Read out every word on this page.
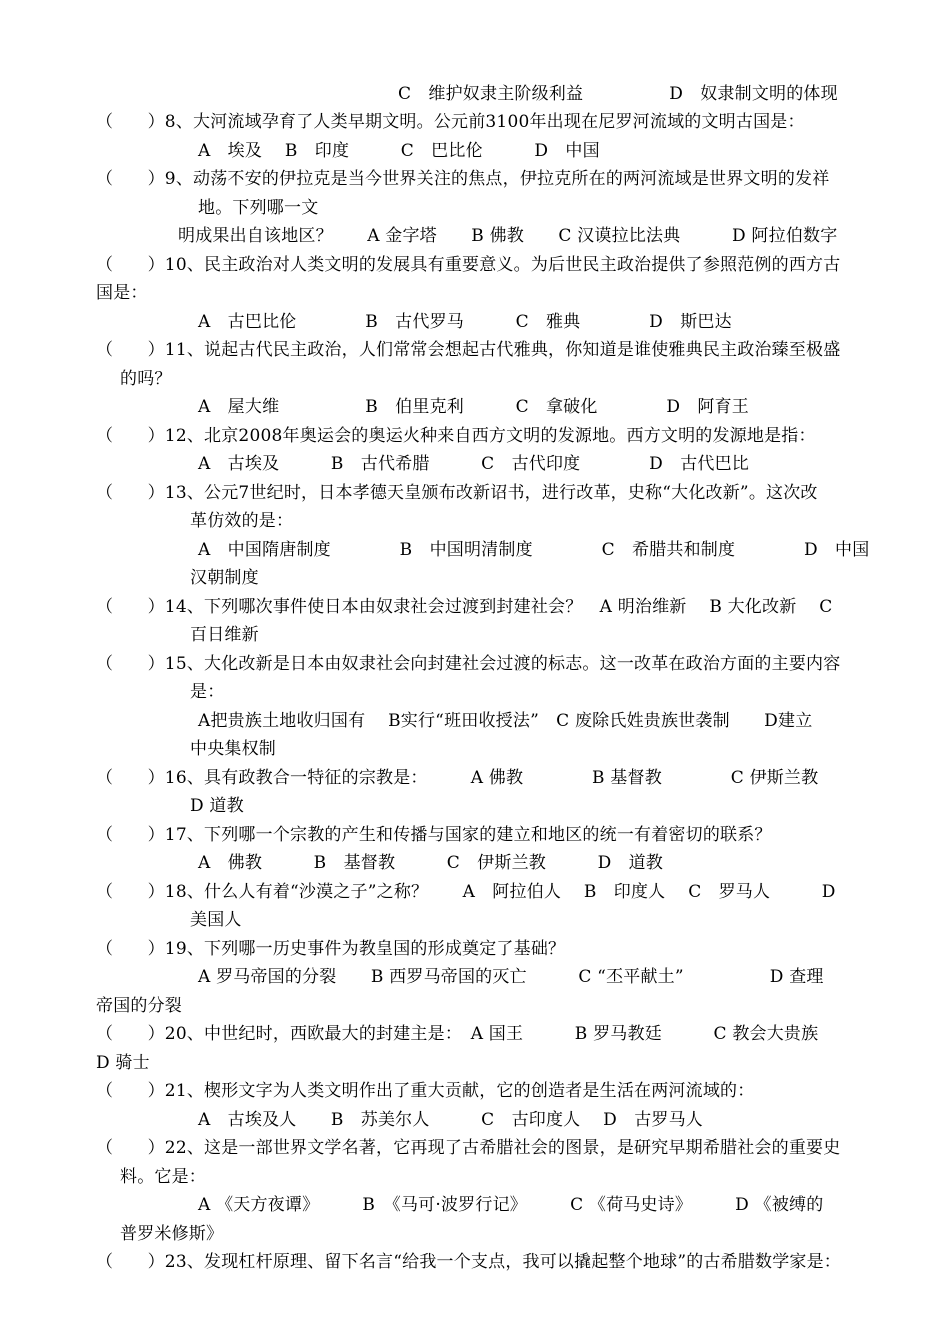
C　维护奴隶主阶级利益　　　　　D　奴隶制文明的体现
（　　）8、大河流域孕育了人类早期文明。公元前3100年出现在尼罗河流域的文明古国是：
A　埃及　 B　印度　　　C　巴比伦　　　D　中国
（　　）9、动荡不安的伊拉克是当今世界关注的焦点，伊拉克所在的两河流域是世界文明的发祥
地。下列哪一文
明成果出自该地区？　　A 金字塔　　B 佛教　　C 汉谟拉比法典　　　D 阿拉伯数字
（　　）10、民主政治对人类文明的发展具有重要意义。为后世民主政治提供了参照范例的西方古
国是：
A　古巴比伦　　　　B　古代罗马　　　C　雅典　　　　D　斯巴达
（　　）11、说起古代民主政治，人们常常会想起古代雅典，你知道是谁使雅典民主政治臻至极盛
的吗？
A　屋大维　　　　　B　伯里克利　　　C　拿破化　　　　D　阿育王
（　　）12、北京2008年奥运会的奥运火种来自西方文明的发源地。西方文明的发源地是指：
A　古埃及　　　B　古代希腊　　　C　古代印度　　　　D　古代巴比
（　　）13、公元7世纪时，日本孝德天皇颁布改新诏书，进行改革，史称“大化改新”。这次改
革仿效的是：
A　中国隋唐制度　　　　B　中国明清制度　　　　C　希腊共和制度　　　　D　中国
汉朝制度
（　　）14、下列哪次事件使日本由奴隶社会过渡到封建社会？　A 明治维新　 B 大化改新　 C
百日维新
（　　）15、大化改新是日本由奴隶社会向封建社会过渡的标志。这一改革在政治方面的主要内容
是：
A把贵族土地收归国有　 B实行“班田收授法”　C 废除氏姓贵族世袭制　　D建立
中央集权制
（　　）16、具有政教合一特征的宗教是：　　　A 佛教　　　　B 基督教　　　　C 伊斯兰教
D 道教
（　　）17、下列哪一个宗教的产生和传播与国家的建立和地区的统一有着密切的联系？
A　佛教　　　B　基督教　　　C　伊斯兰教　　　D　道教
（　　）18、什么人有着“沙漠之子”之称？　　A　阿拉伯人　 B　印度人　 C　罗马人　　　D
美国人
（　　）19、下列哪一历史事件为教皇国的形成奠定了基础？
A 罗马帝国的分裂　　B 西罗马帝国的灭亡　　　C “丕平献土”　　　　　D 查理
帝国的分裂
（　　）20、中世纪时，西欧最大的封建主是：　A 国王　　　B 罗马教廷　　　C 教会大贵族
D 骑士
（　　）21、楔形文字为人类文明作出了重大贡献，它的创造者是生活在两河流域的：
A　古埃及人　　B　苏美尔人　　　C　古印度人　 D　古罗马人
（　　）22、这是一部世界文学名著，它再现了古希腊社会的图景，是研究早期希腊社会的重要史
料。它是：
A 《天方夜谭》　　　B　《马可·波罗行记》　　　C 《荷马史诗》　　　D 《被缚的
普罗米修斯》
（　　）23、发现杠杆原理、留下名言“给我一个支点，我可以撬起整个地球”的古希腊数学家是：
